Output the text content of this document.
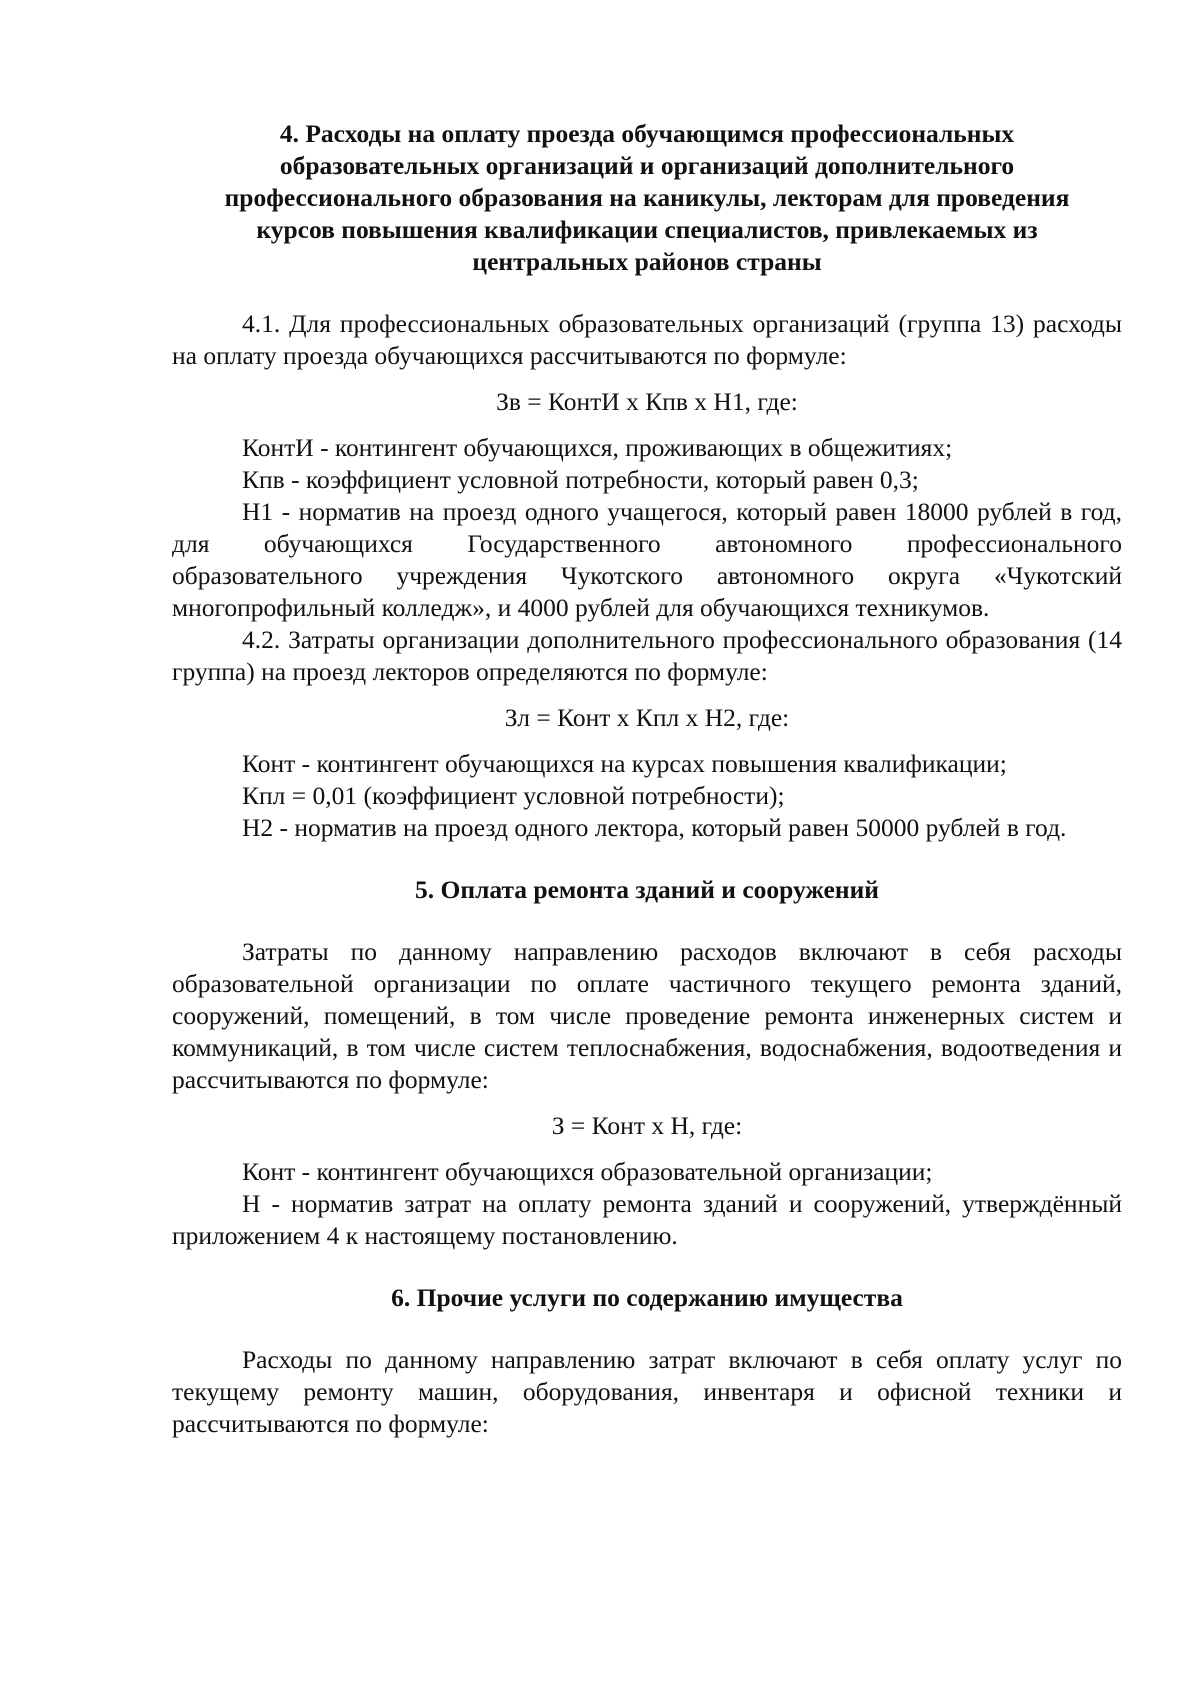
4. Расходы на оплату проезда обучающимся профессиональных
образовательных организаций и организаций дополнительного
профессионального образования на каникулы, лекторам для проведения
курсов повышения квалификации специалистов, привлекаемых из
центральных районов страны

4.1. Для профессиональных образовательных организаций (группа 13) расходы на оплату проезда обучающихся рассчитываются по формуле:

Зв = КонтИ х Кпв х Н1, где:

КонтИ - контингент обучающихся, проживающих в общежитиях;

Кпв - коэффициент условной потребности, который равен 0,3;

Н1 - норматив на проезд одного учащегося, который равен 18000 рублей в год, для обучающихся Государственного автономного профессионального образовательного учреждения Чукотского автономного округа «Чукотский многопрофильный колледж», и 4000 рублей для обучающихся техникумов.

4.2. Затраты организации дополнительного профессионального образования (14 группа) на проезд лекторов определяются по формуле:

Зл = Конт х Кпл х Н2, где:

Конт - контингент обучающихся на курсах повышения квалификации;

Кпл = 0,01 (коэффициент условной потребности);

Н2 - норматив на проезд одного лектора, который равен 50000 рублей в год.

5. Оплата ремонта зданий и сооружений

Затраты по данному направлению расходов включают в себя расходы образовательной организации по оплате частичного текущего ремонта зданий, сооружений, помещений, в том числе проведение ремонта инженерных систем и коммуникаций, в том числе систем теплоснабжения, водоснабжения, водоотведения и рассчитываются по формуле:

З = Конт х Н, где:

Конт - контингент обучающихся образовательной организации;

Н - норматив затрат на оплату ремонта зданий и сооружений, утверждённый приложением 4 к настоящему постановлению.

6. Прочие услуги по содержанию имущества

Расходы по данному направлению затрат включают в себя оплату услуг по текущему ремонту машин, оборудования, инвентаря и офисной техники и рассчитываются по формуле:
